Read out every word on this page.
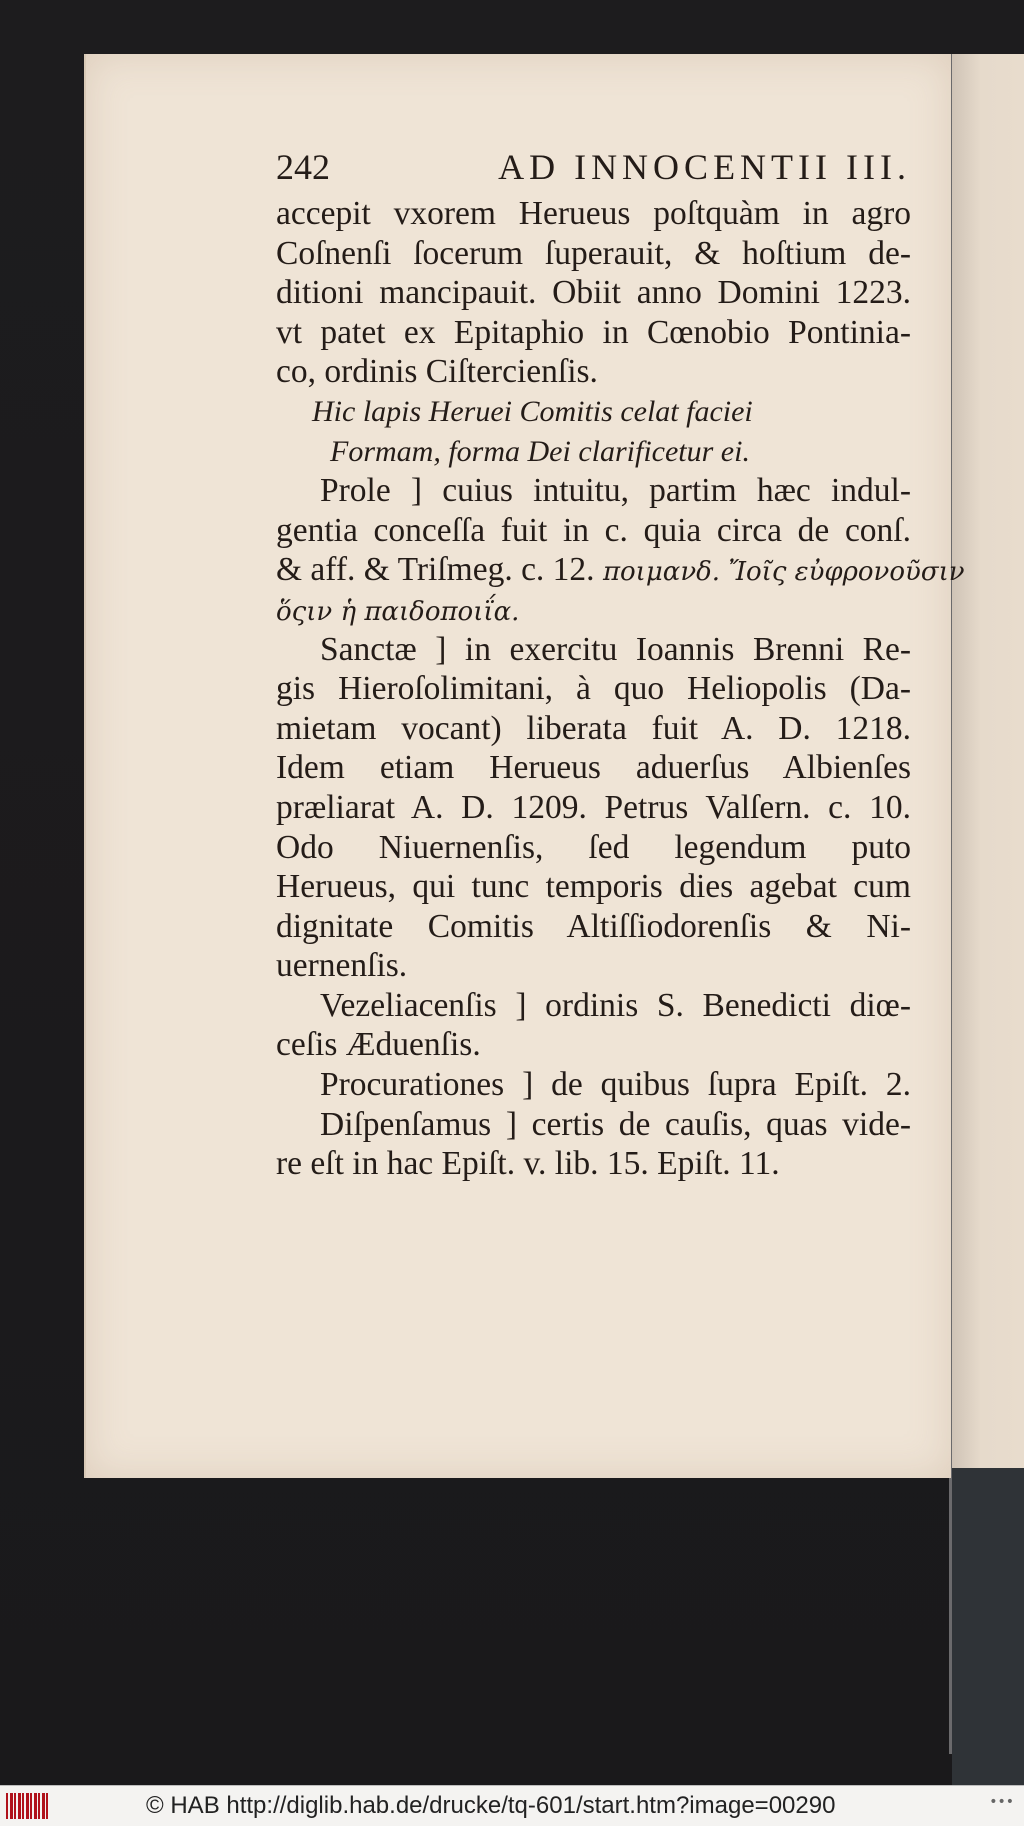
242	AD INNOCENTII III.
accepit vxorem Herueus poſtquàm in agro
Coſnenſi ſocerum ſuperauit, & hoſtium de-
ditioni mancipauit. Obiit anno Domini 1223.
vt patet ex Epitaphio in Cœnobio Pontinia-
co, ordinis Ciſtercienſis.
Hic lapis Heruei Comitis celat faciei
Formam, forma Dei clarificetur ei.
Prole ] cuius intuitu, partim hæc indul-
gentia conceſſa fuit in c. quia circa de conſ.
& aff. & Triſmeg. c. 12. ποιμανδ. Ἴοῖς εὐφρονοῦσιν
ὅςιν ἡ παιδοποιΐα.
Sanctæ ] in exercitu Ioannis Brenni Re-
gis Hieroſolimitani, à quo Heliopolis (Da-
mietam vocant) liberata fuit A. D. 1218.
Idem etiam Herueus aduerſus Albienſes
præliarat A. D. 1209. Petrus Valſern. c. 10.
Odo Niuernenſis, ſed legendum puto
Herueus, qui tunc temporis dies agebat cum
dignitate Comitis Altiſſiodorenſis & Ni-
uernenſis.
Vezeliacenſis ] ordinis S. Benedicti diœ-
ceſis Æduenſis.
Procurationes ] de quibus ſupra Epiſt. 2.
Diſpenſamus ] certis de cauſis, quas vide-
re eſt in hac Epiſt. v. lib. 15. Epiſt. 11.
© HAB http://diglib.hab.de/drucke/tq-601/start.htm?image=00290	•••
